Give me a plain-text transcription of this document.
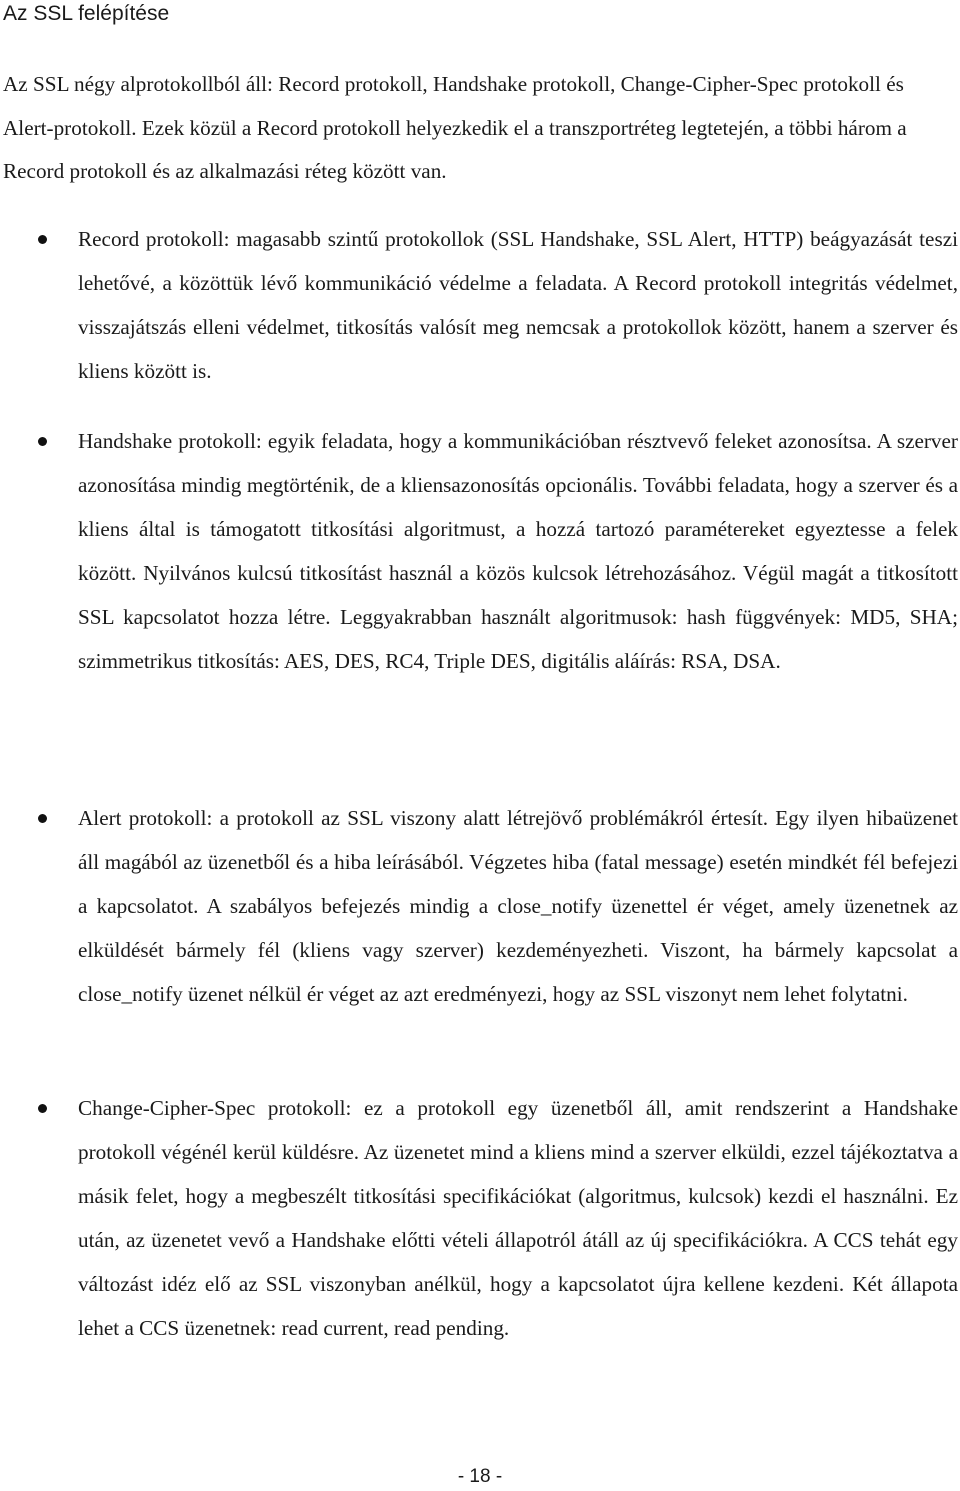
Az SSL felépítése

Az SSL négy alprotokollból áll: Record protokoll, Handshake protokoll, Change-Cipher-Spec protokoll és Alert-protokoll. Ezek közül a Record protokoll helyezkedik el a transzportréteg legtetején, a többi három a Record protokoll és az alkalmazási réteg között van.

Record protokoll: magasabb szintű protokollok (SSL Handshake, SSL Alert, HTTP) beágyazását teszi lehetővé, a közöttük lévő kommunikáció védelme a feladata. A Record protokoll integritás védelmet, visszajátszás elleni védelmet, titkosítás valósít meg nemcsak a protokollok között, hanem a szerver és kliens között is.

Handshake protokoll: egyik feladata, hogy a kommunikációban résztvevő feleket azonosítsa. A szerver azonosítása mindig megtörténik, de a kliensazonosítás opcionális. További feladata, hogy a szerver és a kliens által is támogatott titkosítási algoritmust, a hozzá tartozó paramétereket egyeztesse a felek között. Nyilvános kulcsú titkosítást használ a közös kulcsok létrehozásához. Végül magát a titkosított SSL kapcsolatot hozza létre. Leggyakrabban használt algoritmusok: hash függvények: MD5, SHA; szimmetrikus titkosítás: AES, DES, RC4, Triple DES, digitális aláírás: RSA, DSA.

Alert protokoll: a protokoll az SSL viszony alatt létrejövő problémákról értesít. Egy ilyen hibaüzenet áll magából az üzenetből és a hiba leírásából. Végzetes hiba (fatal message) esetén mindkét fél befejezi a kapcsolatot. A szabályos befejezés mindig a close_notify üzenettel ér véget, amely üzenetnek az elküldését bármely fél (kliens vagy szerver) kezdeményezheti. Viszont, ha bármely kapcsolat a close_notify üzenet nélkül ér véget az azt eredményezi, hogy az SSL viszonyt nem lehet folytatni.

Change-Cipher-Spec protokoll: ez a protokoll egy üzenetből áll, amit rendszerint a Handshake protokoll végénél kerül küldésre. Az üzenetet mind a kliens mind a szerver elküldi, ezzel tájékoztatva a másik felet, hogy a megbeszélt titkosítási specifikációkat (algoritmus, kulcsok) kezdi el használni. Ez után, az üzenetet vevő a Handshake előtti vételi állapotról átáll az új specifikációkra. A CCS tehát egy változást idéz elő az SSL viszonyban anélkül, hogy a kapcsolatot újra kellene kezdeni. Két állapota lehet a CCS üzenetnek: read current, read pending.

- 18 -
